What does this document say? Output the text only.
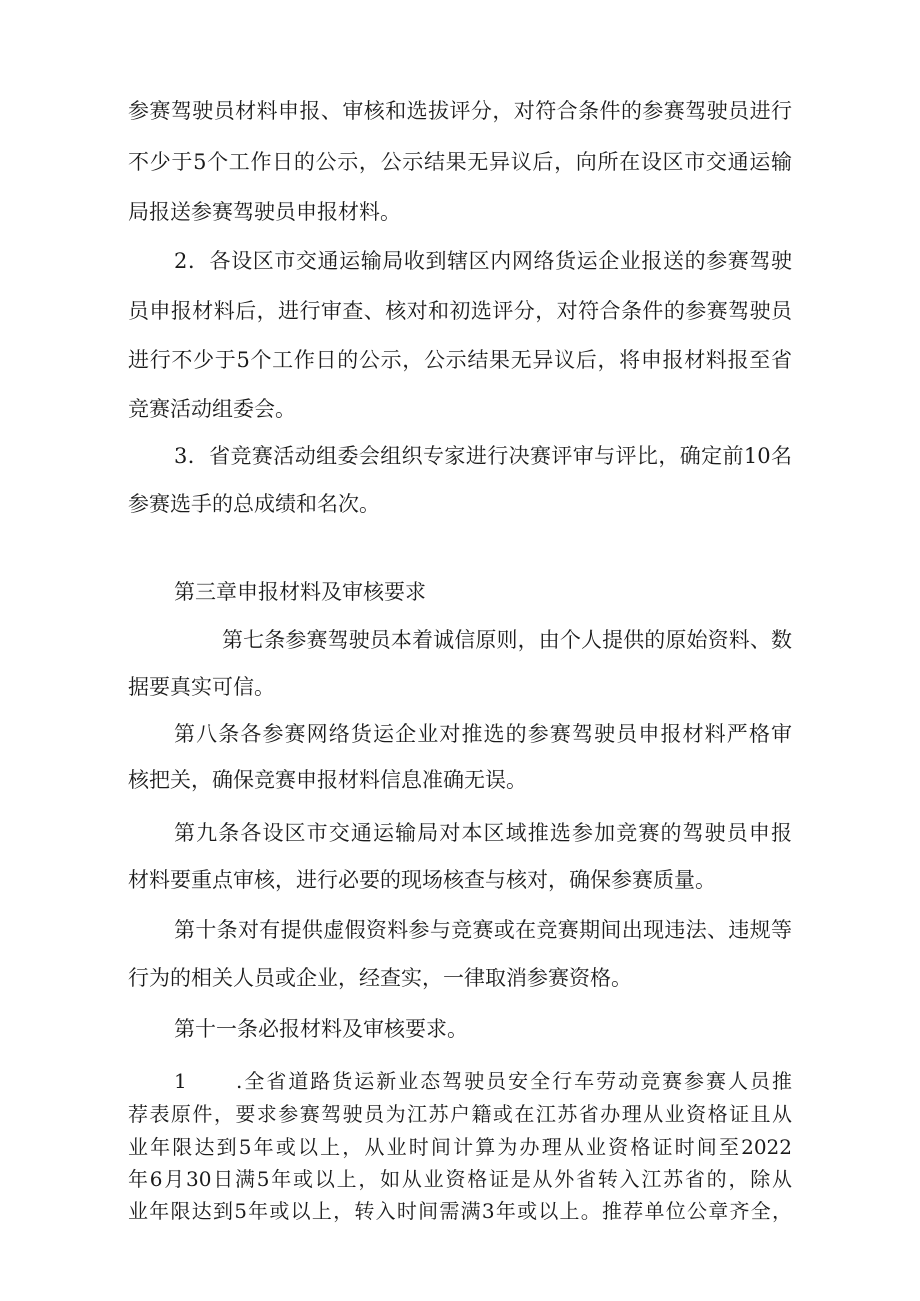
参赛驾驶员材料申报、审核和选拔评分，对符合条件的参赛驾驶员进行

不少于5个工作日的公示，公示结果无异议后，向所在设区市交通运输

局报送参赛驾驶员申报材料。

2．各设区市交通运输局收到辖区内网络货运企业报送的参赛驾驶

员申报材料后，进行审查、核对和初选评分，对符合条件的参赛驾驶员

进行不少于5个工作日的公示，公示结果无异议后，将申报材料报至省

竞赛活动组委会。

3．省竞赛活动组委会组织专家进行决赛评审与评比，确定前10名

参赛选手的总成绩和名次。

第三章申报材料及审核要求

第七条参赛驾驶员本着诚信原则，由个人提供的原始资料、数

据要真实可信。

第八条各参赛网络货运企业对推选的参赛驾驶员申报材料严格审

核把关，确保竞赛申报材料信息准确无误。

第九条各设区市交通运输局对本区域推选参加竞赛的驾驶员申报

材料要重点审核，进行必要的现场核查与核对，确保参赛质量。

第十条对有提供虚假资料参与竞赛或在竞赛期间出现违法、违规等

行为的相关人员或企业，经查实，一律取消参赛资格。

第十一条必报材料及审核要求。

1 .全省道路货运新业态驾驶员安全行车劳动竞赛参赛人员推

荐表原件，要求参赛驾驶员为江苏户籍或在江苏省办理从业资格证且从

业年限达到5年或以上，从业时间计算为办理从业资格证时间至2022

年6月30日满5年或以上，如从业资格证是从外省转入江苏省的，除从

业年限达到5年或以上，转入时间需满3年或以上。推荐单位公章齐全，
